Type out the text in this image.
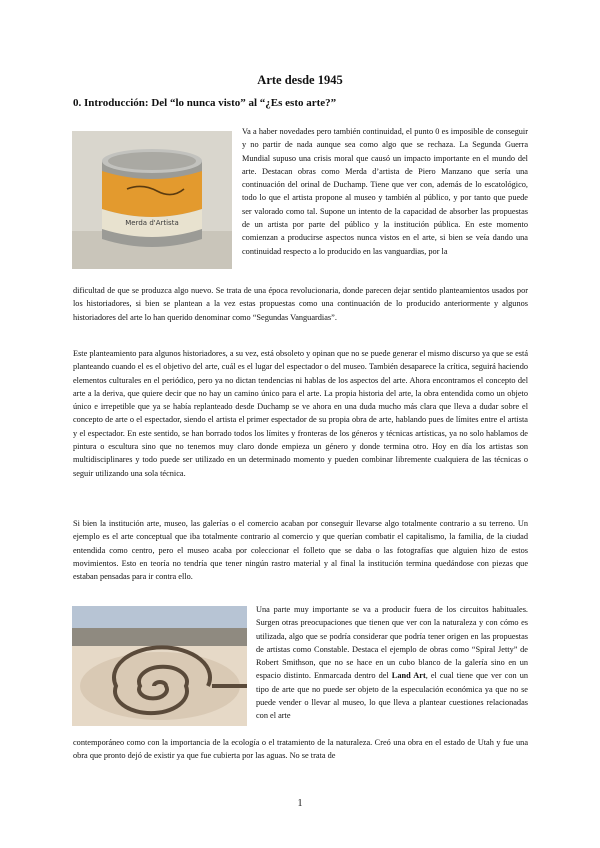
Arte desde 1945
0. Introducción: Del “lo nunca visto” al “¿Es esto arte?”
Merda d'Artista

Va a haber novedades pero también continuidad, el punto 0 es imposible de conseguir y no partir de nada aunque sea como algo que se rechaza. La Segunda Guerra Mundial supuso una crisis moral que causó un impacto importante en el mundo del arte. Destacan obras como Merda d’artista de Piero Manzano que sería una continuación del orinal de Duchamp. Tiene que ver con, además de lo escatológico, todo lo que el artista propone al museo y también al público, y por tanto que puede ser valorado como tal. Supone un intento de la capacidad de absorber las propuestas de un artista por parte del público y la institución pública. En este momento comienzan a producirse aspectos nunca vistos en el arte, si bien se veía dando una continuidad respecto a lo producido en las vanguardias, por la

dificultad de que se produzca algo nuevo. Se trata de una época revolucionaria, donde parecen dejar sentido planteamientos usados por los historiadores, si bien se plantean a la vez estas propuestas como una continuación de lo producido anteriormente y algunos historiadores del arte lo han querido denominar como “Segundas Vanguardias”.

Este planteamiento para algunos historiadores, a su vez, está obsoleto y opinan que no se puede generar el mismo discurso ya que se está planteando cuando el es el objetivo del arte, cuál es el lugar del espectador o del museo. También desaparece la crítica, seguirá haciendo elementos culturales en el periódico, pero ya no dictan tendencias ni hablas de los aspectos del arte. Ahora encontramos el concepto del arte a la deriva, que quiere decir que no hay un camino único para el arte. La propia historia del arte, la obra entendida como un objeto único e irrepetible que ya se había replanteado desde Duchamp se ve ahora en una duda mucho más clara que lleva a dudar sobre el concepto de arte o el espectador, siendo el artista el primer espectador de su propia obra de arte, hablando pues de límites entre el artista y el espectador. En este sentido, se han borrado todos los límites y fronteras de los géneros y técnicas artísticas, ya no solo hablamos de pintura o escultura sino que no tenemos muy claro donde empieza un género y donde termina otro. Hoy en día los artistas son multidisciplinares y todo puede ser utilizado en un determinado momento y pueden combinar libremente cualquiera de las técnicas o seguir utilizando una sola técnica.

Si bien la institución arte, museo, las galerías o el comercio acaban por conseguir llevarse algo totalmente contrario a su terreno. Un ejemplo es el arte conceptual que iba totalmente contrario al comercio y que querían combatir el capitalismo, la familia, de la ciudad entendida como centro, pero el museo acaba por coleccionar el folleto que se daba o las fotografías que alguien hizo de estos movimientos. Esto en teoría no tendría que tener ningún rastro material y al final la institución termina quedándose con piezas que estaban pensadas para ir contra ello.

Una parte muy importante se va a producir fuera de los circuitos habituales. Surgen otras preocupaciones que tienen que ver con la naturaleza y con cómo es utilizada, algo que se podría considerar que podría tener origen en las propuestas de artistas como Constable. Destaca el ejemplo de obras como “Spiral Jetty” de Robert Smithson, que no se hace en un cubo blanco de la galería sino en un espacio distinto. Enmarcada dentro del Land Art, el cual tiene que ver con un tipo de arte que no puede ser objeto de la especulación económica ya que no se puede vender o llevar al museo, lo que lleva a plantear cuestiones relacionadas con el arte

contemporáneo como con la importancia de la ecología o el tratamiento de la naturaleza. Creó una obra en el estado de Utah y fue una obra que pronto dejó de existir ya que fue cubierta por las aguas. No se trata de

1
